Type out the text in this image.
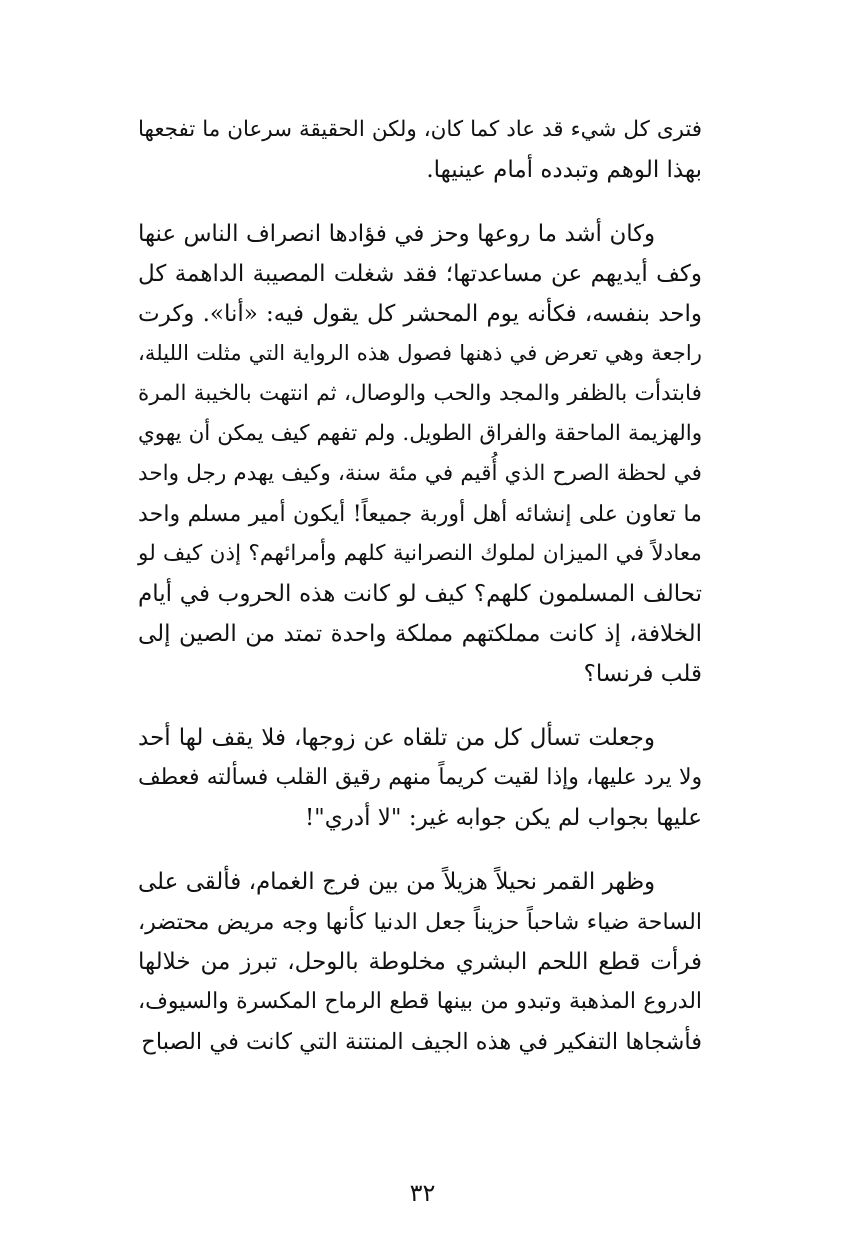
فترى كل شيء قد عاد كما كان، ولكن الحقيقة سرعان ما تفجعها
بهذا الوهم وتبدده أمام عينيها.
وكان أشد ما روعها وحز في فؤادها انصراف الناس عنها
وكف أيديهم عن مساعدتها؛ فقد شغلت المصيبة الداهمة كل
واحد بنفسه، فكأنه يوم المحشر كل يقول فيه: «أنا». وكرت
راجعة وهي تعرض في ذهنها فصول هذه الرواية التي مثلت الليلة،
فابتدأت بالظفر والمجد والحب والوصال، ثم انتهت بالخيبة المرة
والهزيمة الماحقة والفراق الطويل. ولم تفهم كيف يمكن أن يهوي
في لحظة الصرح الذي أُقيم في مئة سنة، وكيف يهدم رجل واحد
ما تعاون على إنشائه أهل أوربة جميعاً! أيكون أمير مسلم واحد
معادلاً في الميزان لملوك النصرانية كلهم وأمرائهم؟ إذن كيف لو
تحالف المسلمون كلهم؟ كيف لو كانت هذه الحروب في أيام
الخلافة، إذ كانت مملكتهم مملكة واحدة تمتد من الصين إلى
قلب فرنسا؟
وجعلت تسأل كل من تلقاه عن زوجها، فلا يقف لها أحد
ولا يرد عليها، وإذا لقيت كريماً منهم رقيق القلب فسألته فعطف
عليها بجواب لم يكن جوابه غير: "لا أدري"!
وظهر القمر نحيلاً هزيلاً من بين فرج الغمام، فألقى على
الساحة ضياء شاحباً حزيناً جعل الدنيا كأنها وجه مريض محتضر،
فرأت قطع اللحم البشري مخلوطة بالوحل، تبرز من خلالها
الدروع المذهبة وتبدو من بينها قطع الرماح المكسرة والسيوف،
فأشجاها التفكير في هذه الجيف المنتنة التي كانت في الصباح
٣٢
